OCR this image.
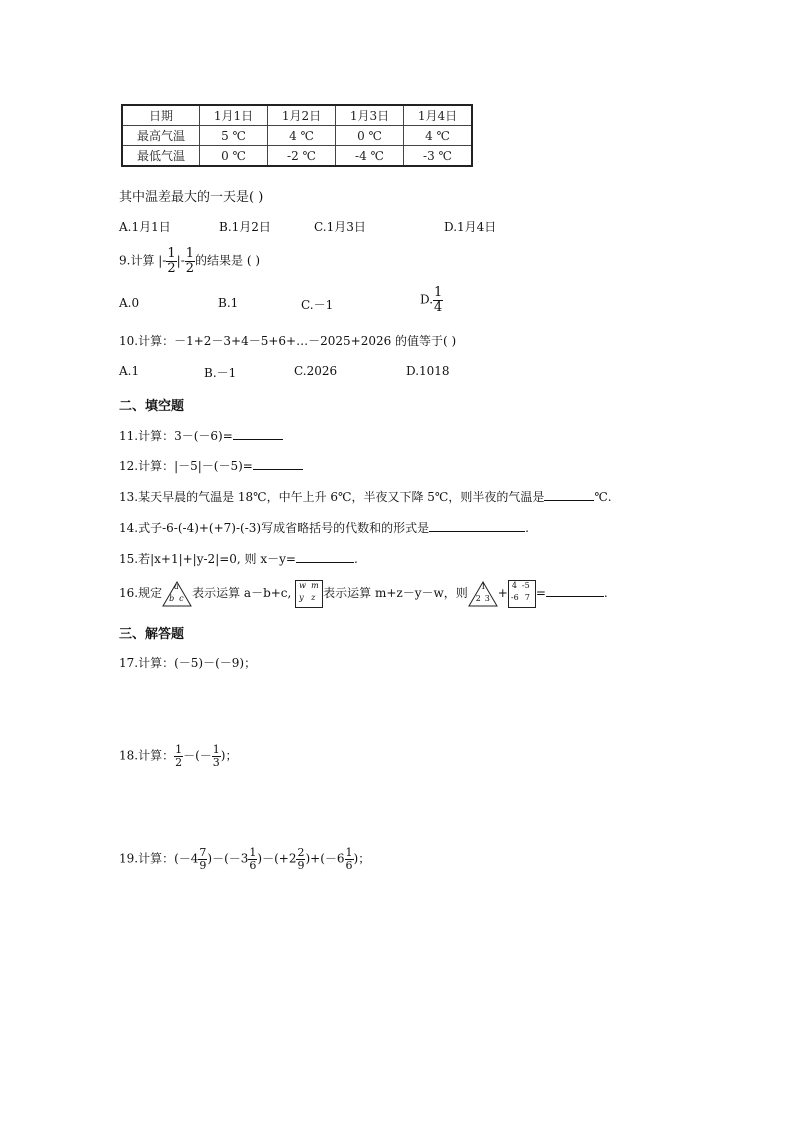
日期	1月1日	1月2日	1月3日	1月4日
最高气温	5 ℃	4 ℃	0 ℃	4 ℃
最低气温	0 ℃	-2 ℃	-4 ℃	-3 ℃
其中温差最大的一天是( )
A.1月1日	B.1月2日	C.1月3日	D.1月4日
9.计算 |- $\frac{1}{2}$ |- $\frac{1}{2}$ 的结果是 ( )
A.0	B.1	C.－1	D. $\frac{1}{4}$
10.计算：－1+2－3+4－5+6+…－2025+2026 的值等于( )
A.1	B.－1	C.2026	D.1018
二、填空题
11.计算：3－(－6)=
12.计算：|－5|－(－5)=
13.某天早晨的气温是 18℃，中午上升 6℃，半夜又下降 5℃，则半夜的气温是	℃.
14.式子-6-(-4)+(+7)-(-3)写成省略括号的代数和的形式是	.
15.若|x+1|+|y-2|=0, 则 x－y=	.
16.规定 a
b c 表示运算 a－b+c,
w m
y z 表示运算 m+z－y－w，则 1
2 3 +
4 -5
-6 7 =	.
三、解答题
17.计算：(－5)－(－9)；
18.计算： $\frac{1}{2}$ －(－ $\frac{1}{3}$ )；
19.计算：$(-4 \frac{7}{9} )-(-3 \frac{1}{6} )-(+2 \frac{2}{9} )+(-6 \frac{1}{6}$ )；
